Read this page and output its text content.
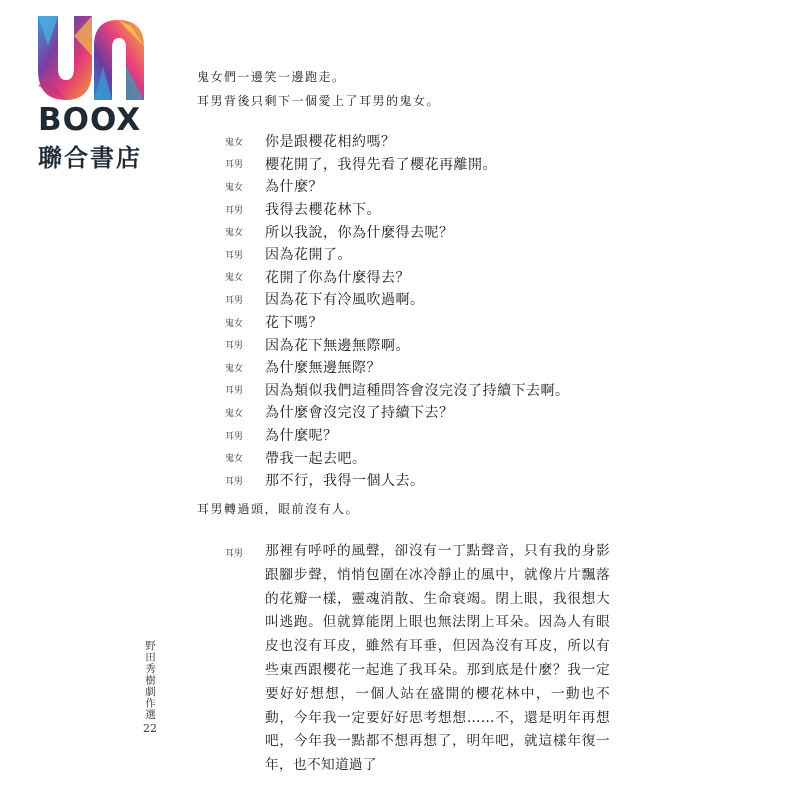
BOOX
聯合書店
鬼女們一邊笑一邊跑走。
耳男背後只剩下一個愛上了耳男的鬼女。
鬼女	你是跟櫻花相約嗎？
耳男	櫻花開了，我得先看了櫻花再離開。
鬼女	為什麼？
耳男	我得去櫻花林下。
鬼女	所以我說，你為什麼得去呢？
耳男	因為花開了。
鬼女	花開了你為什麼得去？
耳男	因為花下有冷風吹過啊。
鬼女	花下嗎？
耳男	因為花下無邊無際啊。
鬼女	為什麼無邊無際？
耳男	因為類似我們這種問答會沒完沒了持續下去啊。
鬼女	為什麼會沒完沒了持續下去？
耳男	為什麼呢？
鬼女	帶我一起去吧。
耳男	那不行，我得一個人去。
耳男轉過頭，眼前沒有人。
耳男	那裡有呼呼的風聲，卻沒有一丁點聲音，只有我的身影跟腳步聲，悄悄包圍在冰冷靜止的風中，就像片片飄落的花瓣一樣，靈魂消散、生命衰竭。閉上眼，我很想大叫逃跑。但就算能閉上眼也無法閉上耳朵。因為人有眼皮也沒有耳皮，雖然有耳垂，但因為沒有耳皮，所以有些東西跟櫻花一起進了我耳朵。那到底是什麼？我一定要好好想想，一個人站在盛開的櫻花林中，一動也不動，今年我一定要好好思考想想……不，還是明年再想吧，今年我一點都不想再想了，明年吧，就這樣年復一年，也不知道過了
野田秀樹劇作選
22
